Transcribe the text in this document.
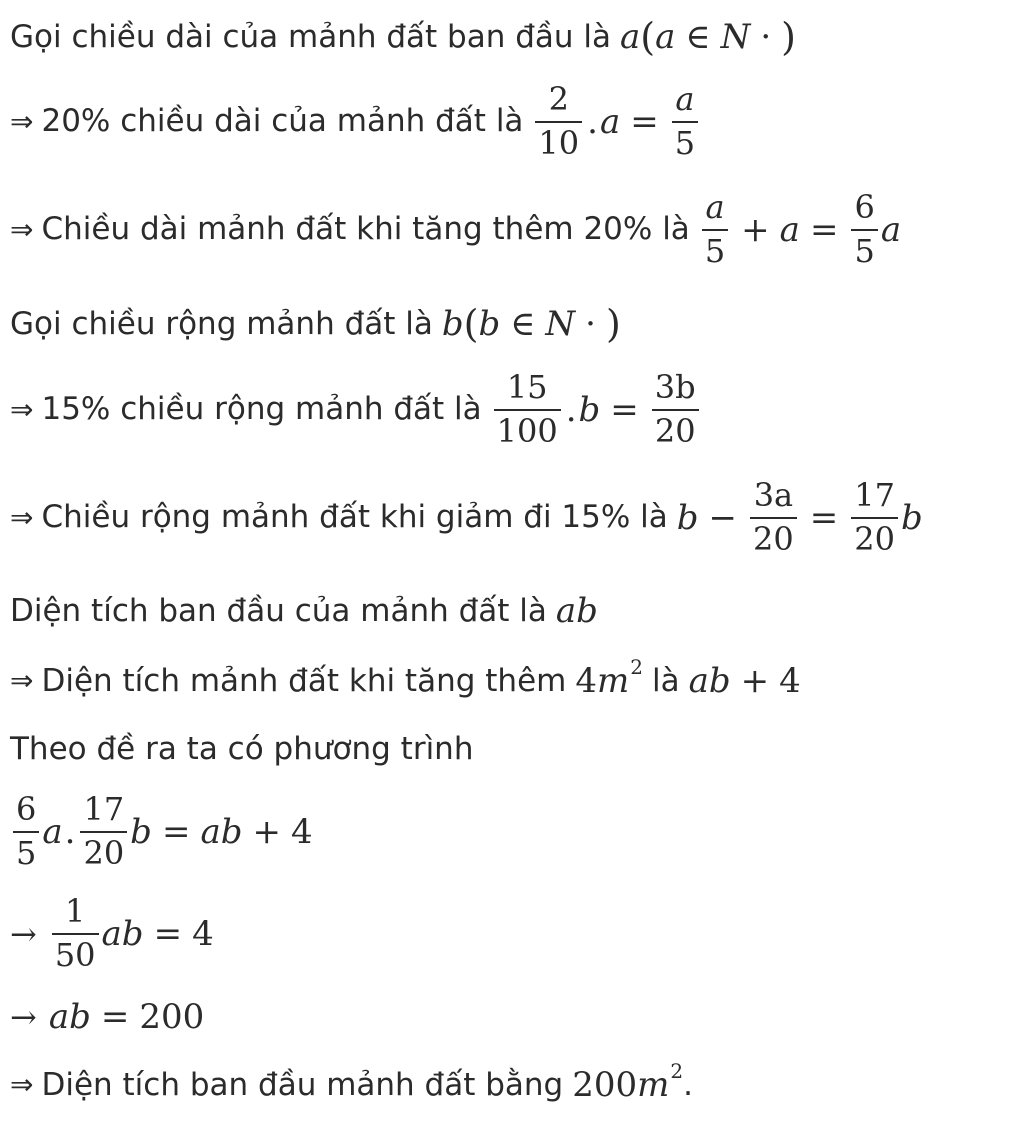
Gọi chiều dài của mảnh đất ban đầu là a ( a ∈ N · )
⇒ 20% chiều dài của mảnh đất là $\frac{2}{10}$ . $a = \frac{a}{5}$
⇒ Chiều dài mảnh đất khi tăng thêm 20% là $\frac{a}{5} + a = \frac{6}{5}$ a
Gọi chiều rộng mảnh đất là b ( b ∈ N · )
⇒ 15% chiều rộng mảnh đất là $\frac{15}{100}$ . $b = \frac{3b}{20}$
⇒ Chiều rộng mảnh đất khi giảm đi 15% là $b - \frac{3a}{20} = \frac{17}{20}$ b
Diện tích ban đầu của mảnh đất là ab
⇒ Diện tích mảnh đất khi tăng thêm 4 m 2 là ab + 4
Theo đề ra ta có phương trình
$\frac{6}{5}$ a . $\frac{17}{20}$ b = ab + 4
→ $\frac{1}{50}$ ab = 4
→ ab = 200
⇒ Diện tích ban đầu mảnh đất bằng 200 m 2 .
